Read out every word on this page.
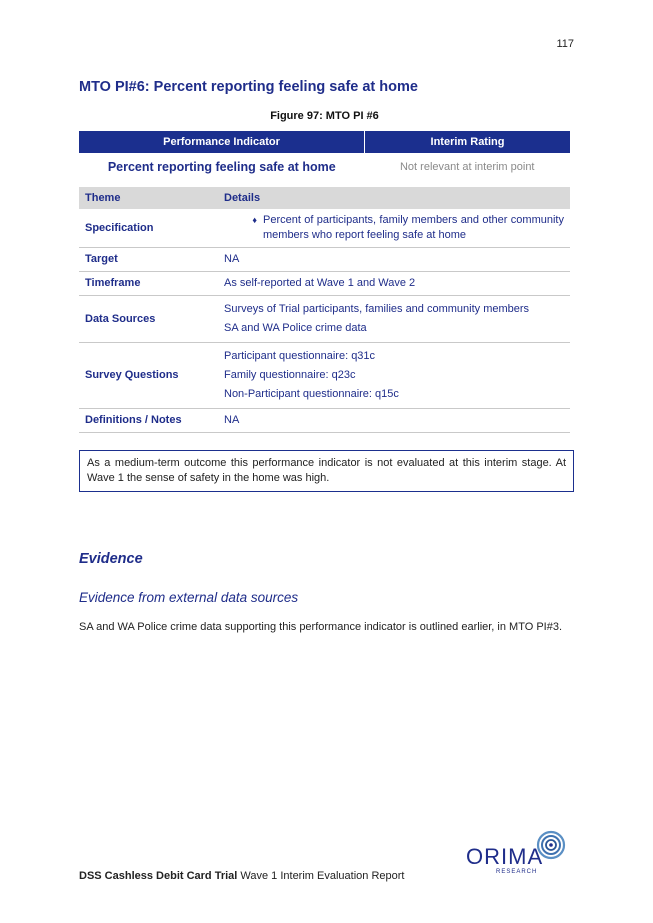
117
MTO PI#6: Percent reporting feeling safe at home
Figure 97: MTO PI #6
Performance Indicator	Interim Rating
Percent reporting feeling safe at home	Not relevant at interim point
Theme	Details
Specification	♦ Percent of participants, family members and other community members who report feeling safe at home

Target	NA
Timeframe	As self-reported at Wave 1 and Wave 2
Data Sources	Surveys of Trial participants, families and community members
SA and WA Police crime data

Survey Questions	Participant questionnaire: q31c
Family questionnaire: q23c
Non-Participant questionnaire: q15c

Definitions / Notes	NA
As a medium-term outcome this performance indicator is not evaluated at this interim stage. At Wave 1 the sense of safety in the home was high.
Evidence
Evidence from external data sources
SA and WA Police crime data supporting this performance indicator is outlined earlier, in MTO PI#3.
ORIMA
RESEARCH
DSS Cashless Debit Card Trial Wave 1 Interim Evaluation Report
